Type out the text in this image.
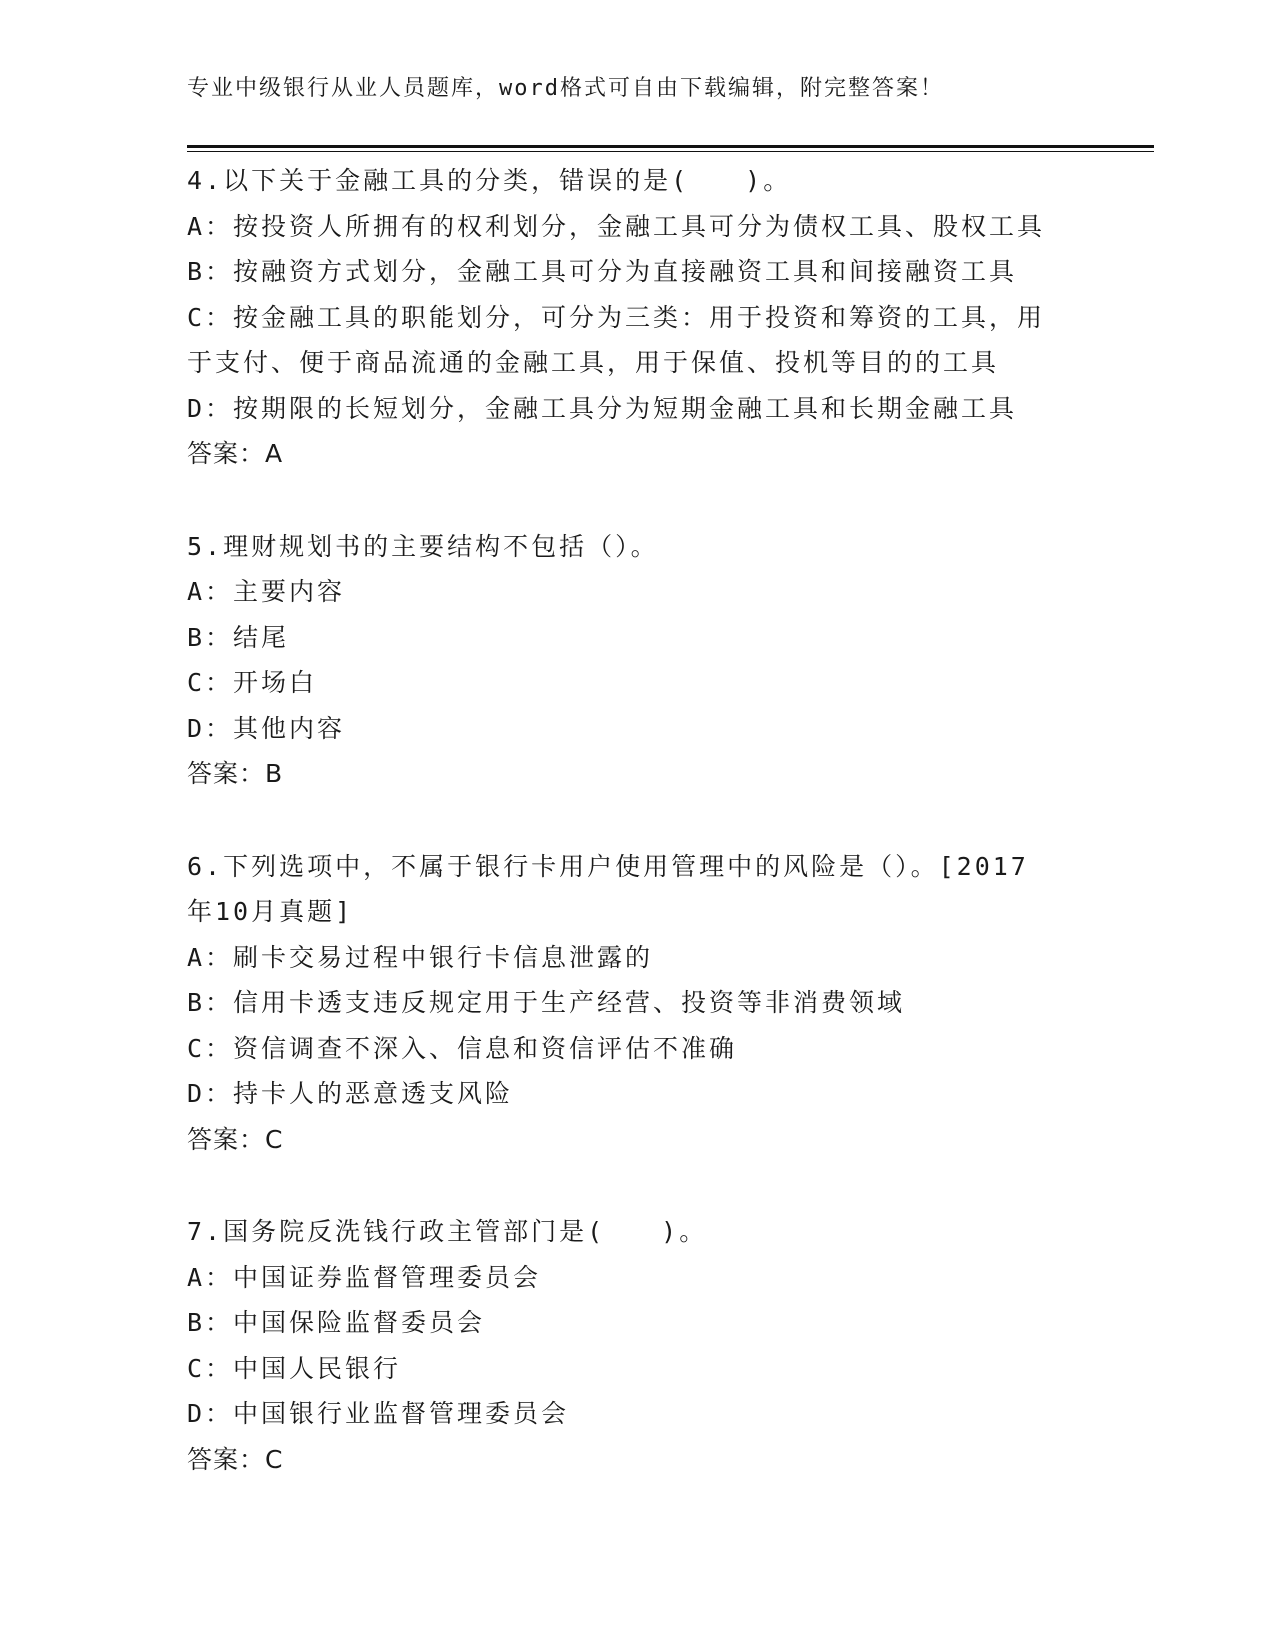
专业中级银行从业人员题库，word格式可自由下载编辑，附完整答案！
4.以下关于金融工具的分类，错误的是(　　)。
A：按投资人所拥有的权利划分，金融工具可分为债权工具、股权工具
B：按融资方式划分，金融工具可分为直接融资工具和间接融资工具
C：按金融工具的职能划分，可分为三类：用于投资和筹资的工具，用于支付、便于商品流通的金融工具，用于保值、投机等目的的工具
D：按期限的长短划分，金融工具分为短期金融工具和长期金融工具
答案：A
5.理财规划书的主要结构不包括（）。
A：主要内容
B：结尾
C：开场白
D：其他内容
答案：B
6.下列选项中，不属于银行卡用户使用管理中的风险是（）。[2017年10月真题]
A：刷卡交易过程中银行卡信息泄露的
B：信用卡透支违反规定用于生产经营、投资等非消费领域
C：资信调查不深入、信息和资信评估不准确
D：持卡人的恶意透支风险
答案：C
7.国务院反洗钱行政主管部门是(　　)。
A：中国证券监督管理委员会
B：中国保险监督委员会
C：中国人民银行
D：中国银行业监督管理委员会
答案：C
